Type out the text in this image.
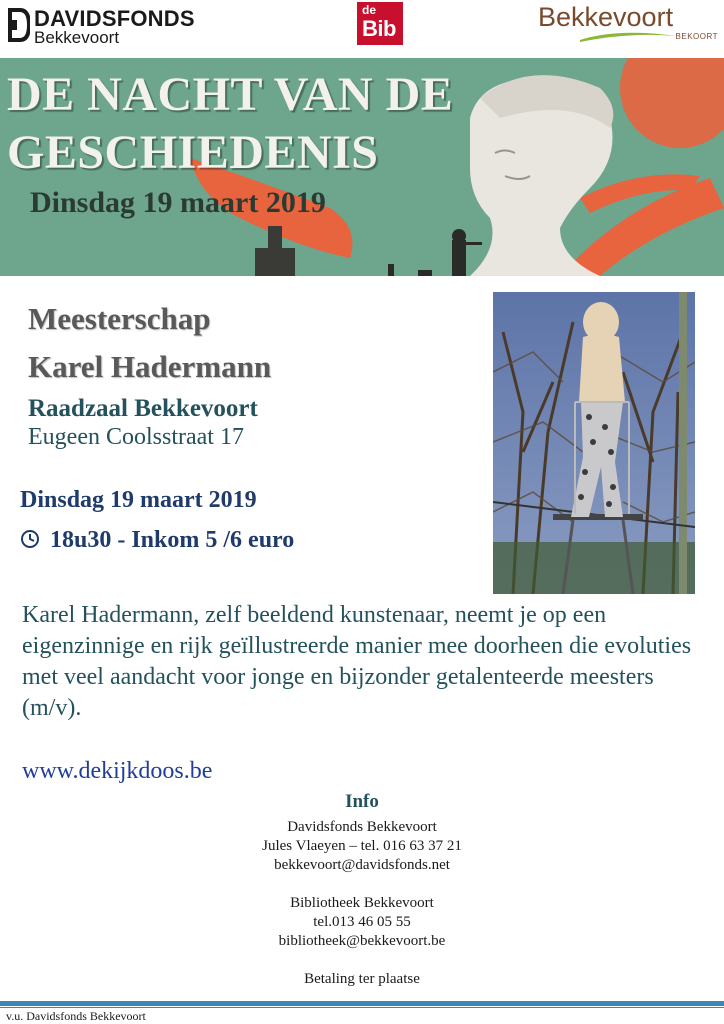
DAVIDSFONDS
Bekkevoort
de
Bib	Bekkevoort
BEKOORT
DE NACHT VAN DE
GESCHIEDENIS
Dinsdag 19 maart 2019
Meesterschap
Karel Hadermann
Raadzaal Bekkevoort
Eugeen Coolsstraat 17
Dinsdag 19 maart 2019
18u30 - Inkom 5 /6 euro

Karel Hadermann, zelf beeldend kunstenaar, neemt je op een eigenzinnige en rijk geïllustreerde manier mee doorheen die evoluties met veel aandacht voor jonge en bijzonder getalenteerde meesters (m/v).

www.dekijkdoos.be
Info
Davidsfonds Bekkevoort
Jules Vlaeyen – tel. 016 63 37 21
bekkevoort@davidsfonds.net
Bibliotheek Bekkevoort
tel.013 46 05 55
bibliotheek@bekkevoort.be
Betaling ter plaatse
v.u. Davidsfonds Bekkevoort
